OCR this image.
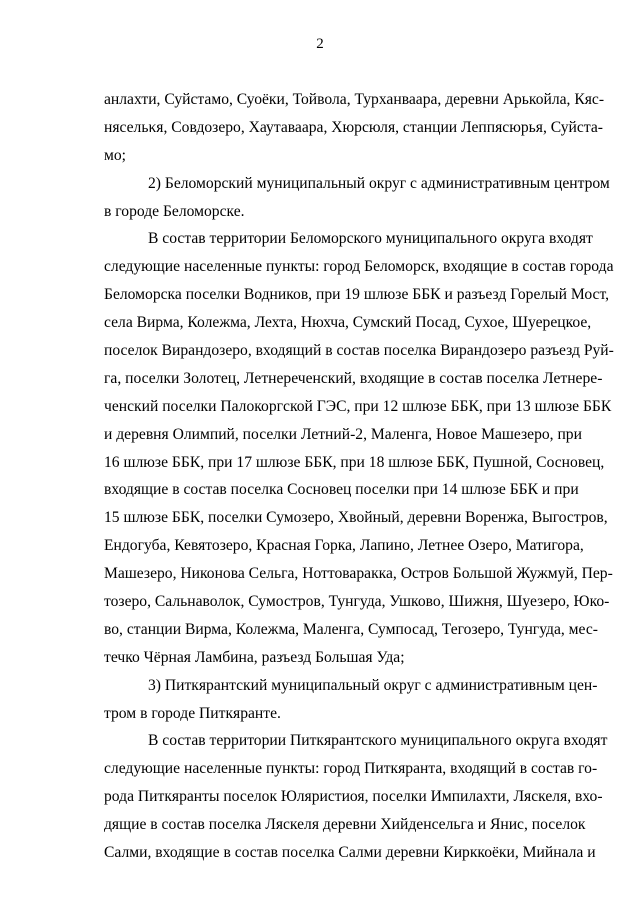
2
анлахти, Суйстамо, Суоёки, Тойвола, Турханваара, деревни Арькойла, Кяс-
нясельκя, Совдозеро, Хаутаваара, Хюрсюля, станции Леппясюрья, Суйста-
мо;
2) Беломорский муниципальный округ с административным центром
в городе Беломорске.
В состав территории Беломорского муниципального округа входят
следующие населенные пункты: город Беломорск, входящие в состав города
Беломорска поселки Водников, при 19 шлюзе ББК и разъезд Горелый Мост,
села Вирма, Колежма, Лехта, Нюхча, Сумский Посад, Сухое, Шуерецкое,
поселок Вирандозеро, входящий в состав поселка Вирандозеро разъезд Руй-
га, поселки Золотец, Летнереченский, входящие в состав поселка Летнере-
ченский поселки Палокоргской ГЭС, при 12 шлюзе ББК, при 13 шлюзе ББК
и деревня Олимпий, поселки Летний-2, Маленга, Новое Машезеро, при
16 шлюзе ББК, при 17 шлюзе ББК, при 18 шлюзе ББК, Пушной, Сосновец,
входящие в состав поселка Сосновец поселки при 14 шлюзе ББК и при
15 шлюзе ББК, поселки Сумозеро, Хвойный, деревни Воренжа, Выгостров,
Ендогуба, Кевятозеро, Красная Горка, Лапино, Летнее Озеро, Матигора,
Машезеро, Никонова Сельга, Ноттоваракка, Остров Большой Жужмуй, Пер-
тозеро, Сальнаволок, Сумостров, Тунгуда, Ушково, Шижня, Шуезеро, Юко-
во, станции Вирма, Колежма, Маленга, Сумпосад, Тегозеро, Тунгуда, мес-
течко Чёрная Ламбина, разъезд Большая Уда;
3) Питкярантский муниципальный округ с административным цен-
тром в городе Питкяранте.
В состав территории Питкярантского муниципального округа входят
следующие населенные пункты: город Питкяранта, входящий в состав го-
рода Питкяранты поселок Юляристиоя, поселки Импилахти, Ляскеля, вхо-
дящие в состав поселка Ляскеля деревни Хийденсельга и Янис, поселок
Салми, входящие в состав поселка Салми деревни Кирккоёки, Мийнала и
